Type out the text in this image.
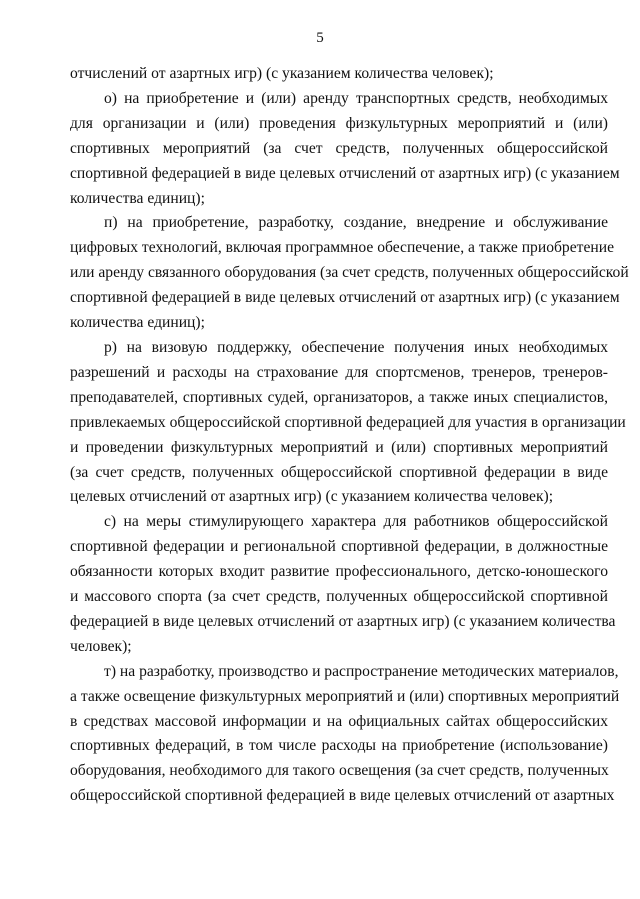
5

отчислений от азартных игр) (с указанием количества человек);

о) на приобретение и (или) аренду транспортных средств, необходимых
для организации и (или) проведения физкультурных мероприятий и (или)
спортивных мероприятий (за счет средств, полученных общероссийской
спортивной федерацией в виде целевых отчислений от азартных игр) (с указанием
количества единиц);

п) на приобретение, разработку, создание, внедрение и обслуживание
цифровых технологий, включая программное обеспечение, а также приобретение
или аренду связанного оборудования (за счет средств, полученных общероссийской
спортивной федерацией в виде целевых отчислений от азартных игр) (с указанием
количества единиц);

р) на визовую поддержку, обеспечение получения иных необходимых
разрешений и расходы на страхование для спортсменов, тренеров, тренеров-
преподавателей, спортивных судей, организаторов, а также иных специалистов,
привлекаемых общероссийской спортивной федерацией для участия в организации
и проведении физкультурных мероприятий и (или) спортивных мероприятий
(за счет средств, полученных общероссийской спортивной федерации в виде
целевых отчислений от азартных игр) (с указанием количества человек);

с) на меры стимулирующего характера для работников общероссийской
спортивной федерации и региональной спортивной федерации, в должностные
обязанности которых входит развитие профессионального, детско-юношеского
и массового спорта (за счет средств, полученных общероссийской спортивной
федерацией в виде целевых отчислений от азартных игр) (с указанием количества
человек);

т) на разработку, производство и распространение методических материалов,
а также освещение физкультурных мероприятий и (или) спортивных мероприятий
в средствах массовой информации и на официальных сайтах общероссийских
спортивных федераций, в том числе расходы на приобретение (использование)
оборудования, необходимого для такого освещения (за счет средств, полученных
общероссийской спортивной федерацией в виде целевых отчислений от азартных
